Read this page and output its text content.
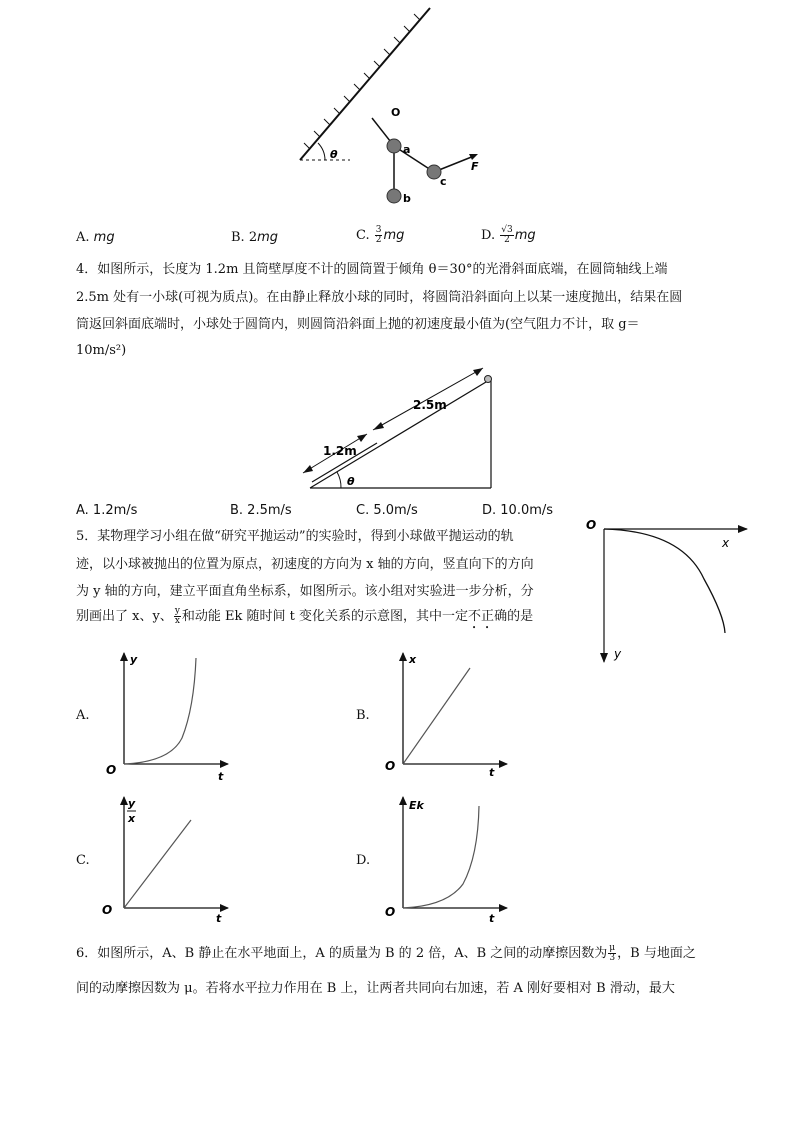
θ
O
a
b
c
F
A. mg	B. 2mg	C. $\frac{3}{2}$ mg	D. $\frac{√3}{2}$ mg
4．如图所示，长度为 1.2m 且筒壁厚度不计的圆筒置于倾角 θ＝30°的光滑斜面底端，在圆筒轴线上端
2.5m 处有一小球(可视为质点)。在由静止释放小球的同时，将圆筒沿斜面向上以某一速度抛出，结果在圆
筒返回斜面底端时，小球处于圆筒内，则圆筒沿斜面上抛的初速度最小值为(空气阻力不计，取 g＝
10m/s²)
2.5m
1.2m
θ
A. 1.2m/s	B. 2.5m/s	C. 5.0m/s	D. 10.0m/s
5．某物理学习小组在做“研究平抛运动”的实验时，得到小球做平抛运动的轨
迹，以小球被抛出的位置为原点，初速度的方向为 x 轴的方向，竖直向下的方向
为 y 轴的方向，建立平面直角坐标系，如图所示。该小组对实验进一步分析，分
别画出了 x、y、 $\frac{y}{x}$ 和动能 Ek 随时间 t 变化关系的示意图，其中一定不正确的是
O
x
y
A.
y
t
O
B.
x
t
O
C.
y
x
t
O
D.
Ek
t
O
6．如图所示，A、B 静止在水平地面上，A 的质量为 B 的 2 倍，A、B 之间的动摩擦因数为 $\frac{\mu}{3}$ ，B 与地面之
间的动摩擦因数为 μ。若将水平拉力作用在 B 上，让两者共同向右加速，若 A 刚好要相对 B 滑动，最大
